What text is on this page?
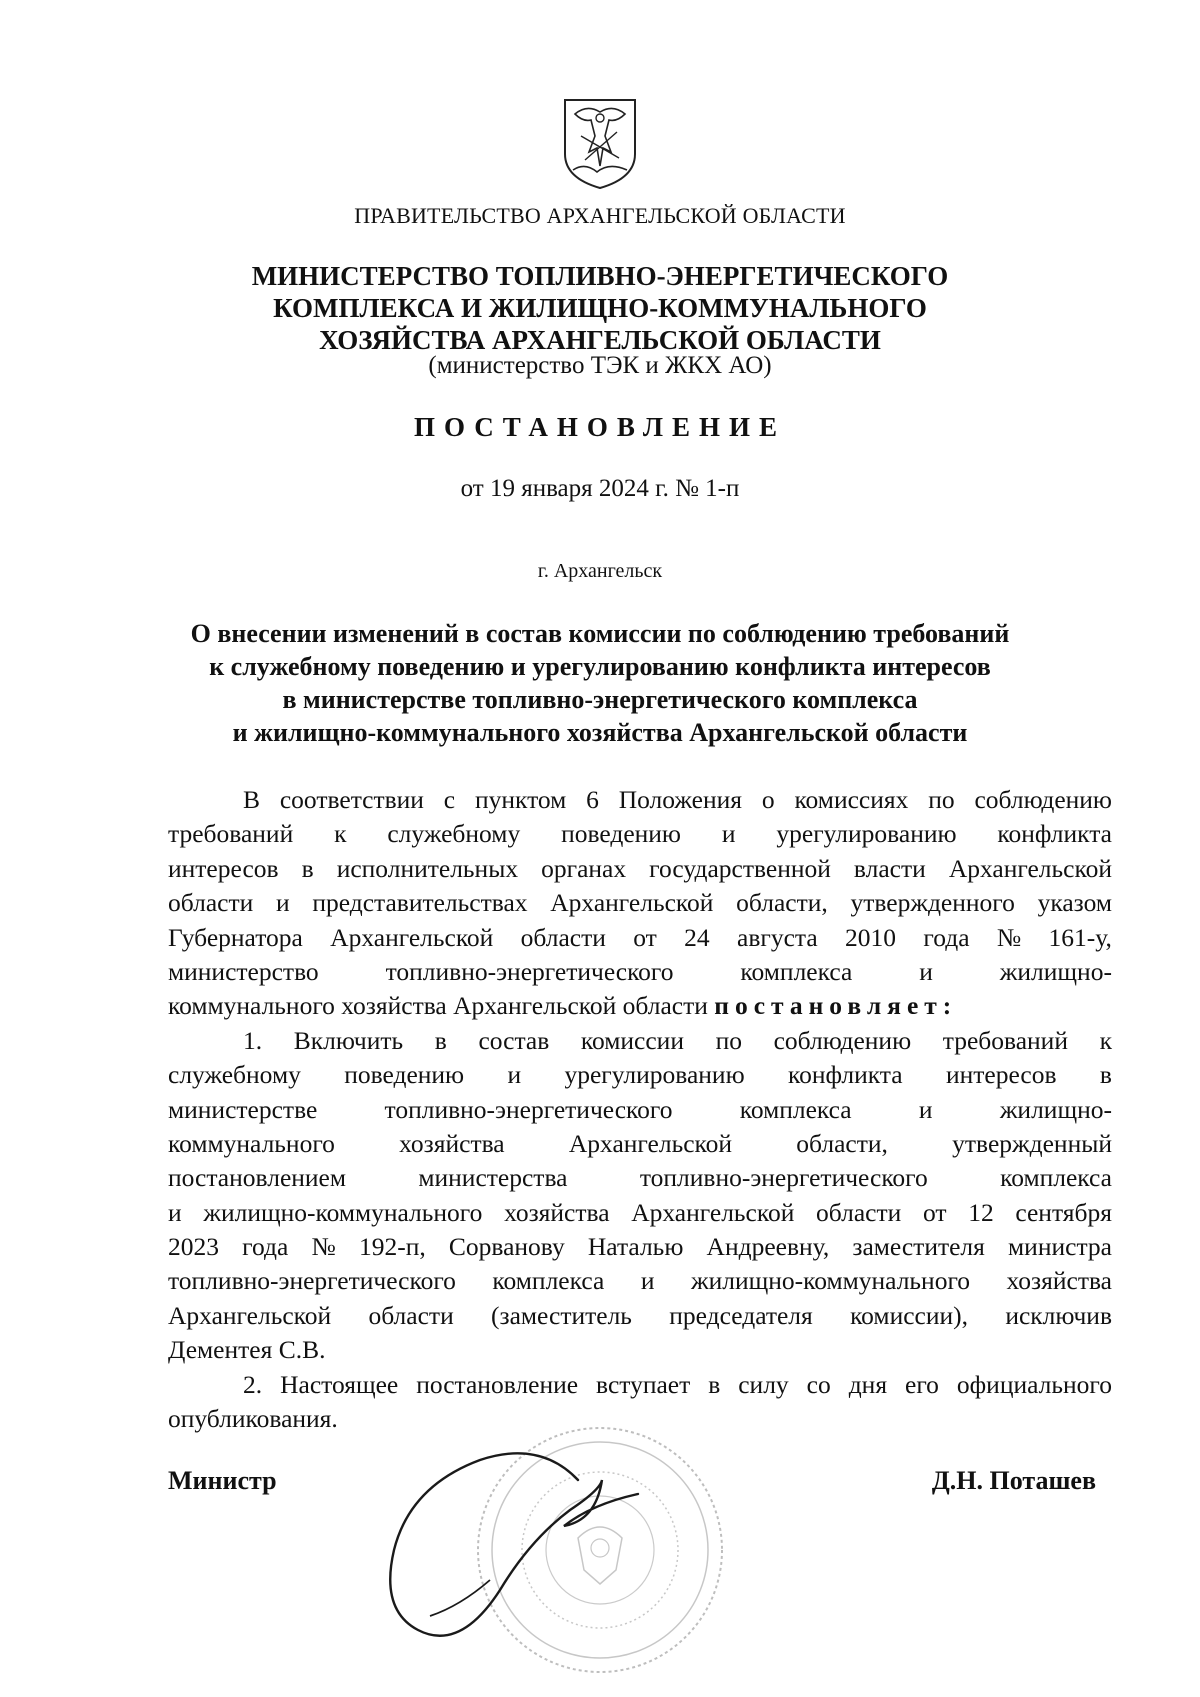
ПРАВИТЕЛЬСТВО АРХАНГЕЛЬСКОЙ ОБЛАСТИ
МИНИСТЕРСТВО ТОПЛИВНО-ЭНЕРГЕТИЧЕСКОГО
КОМПЛЕКСА И ЖИЛИЩНО-КОММУНАЛЬНОГО
ХОЗЯЙСТВА АРХАНГЕЛЬСКОЙ ОБЛАСТИ
(министерство ТЭК и ЖКХ АО)
ПОСТАНОВЛЕНИЕ
от 19 января 2024 г. № 1-п
г. Архангельск
О внесении изменений в состав комиссии по соблюдению требований
к служебному поведению и урегулированию конфликта интересов
в министерстве топливно-энергетического комплекса
и жилищно-коммунального хозяйства Архангельской области
В соответствии с пунктом 6 Положения о комиссиях по соблюдению
требований к служебному поведению и урегулированию конфликта
интересов в исполнительных органах государственной власти Архангельской
области и представительствах Архангельской области, утвержденного указом
Губернатора Архангельской области от 24 августа 2010 года № 161-у,
министерство	топливно-энергетического	комплекса	и	жилищно-
коммунального хозяйства Архангельской области
постановляет:
1. Включить в состав комиссии по соблюдению требований к
служебному поведению и урегулированию конфликта интересов в
министерстве	топливно-энергетического	комплекса	и	жилищно-
коммунального	хозяйства	Архангельской	области,	утвержденный
постановлением	министерства	топливно-энергетического	комплекса
и жилищно-коммунального хозяйства Архангельской области от 12 сентября
2023 года № 192-п, Сорванову Наталью Андреевну, заместителя министра
топливно-энергетического комплекса и жилищно-коммунального хозяйства
Архангельской области (заместитель председателя комиссии), исключив
Дементея С.В.
2. Настоящее постановление вступает в силу со дня его официального
опубликования.
Министр	Д.Н. Поташев
